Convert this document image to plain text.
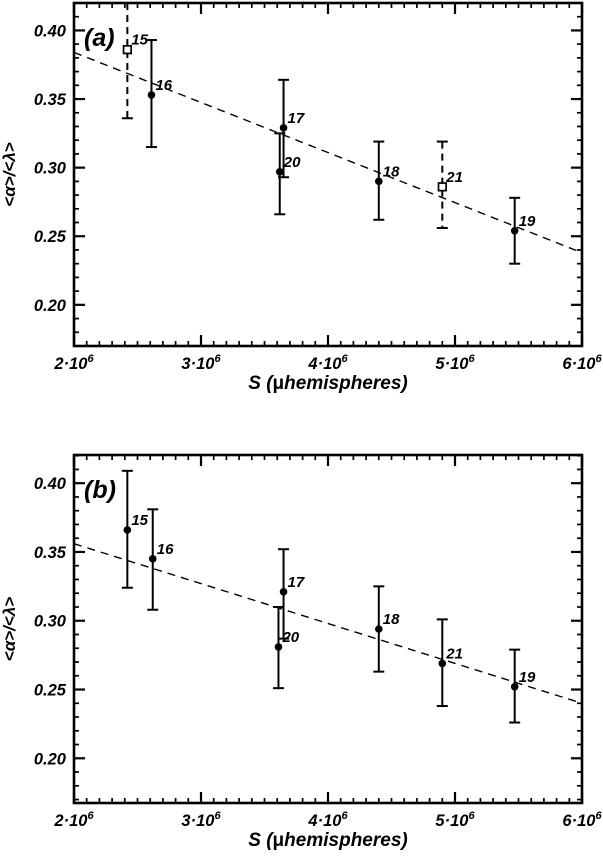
$2\cdot 10^6$	$3\cdot 10^6$	$4\cdot 10^6$	$5\cdot 10^6$	$6\cdot 10^6$
0.20
0.25
0.30
0.35
0.40	15
16
17
20
18	21
19
(a)
S (μhemispheres)
<α>/<λ>
$2\cdot 10^6$	$3\cdot 10^6$	$4\cdot 10^6$	$5\cdot 10^6$	$6\cdot 10^6$
0.20
0.25
0.30
0.35
0.40
15
16
17
20
18
21
19
(b)
S (μhemispheres)
<α>/<λ>
